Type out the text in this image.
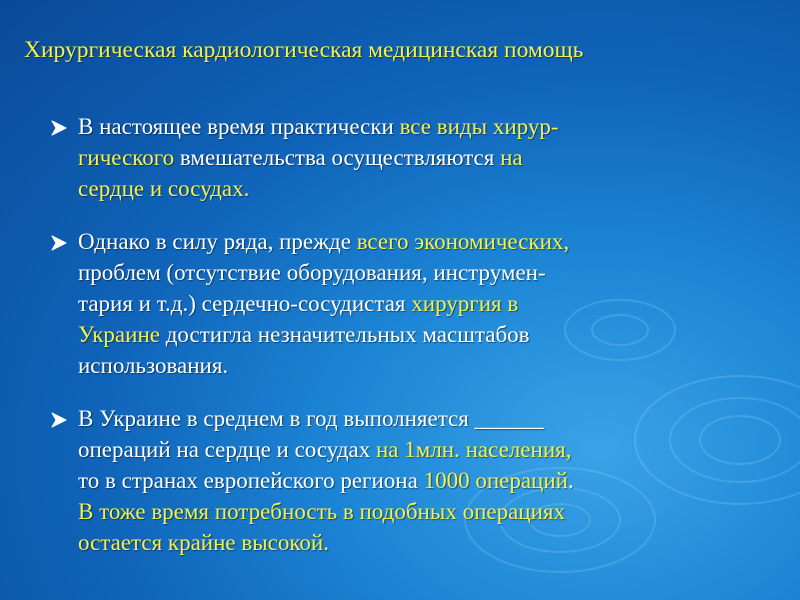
Хирургическая кардиологическая медицинская помощь
В настоящее время практически все виды хирур-
гического вмешательства осуществляются на
сердце и сосудах.
Однако в силу ряда, прежде всего экономических,
проблем (отсутствие оборудования, инструмен-
тария и т.д.) сердечно-сосудистая хирургия в
Украине достигла незначительных масштабов
использования.
В Украине в среднем в год выполняется ______
операций на сердце и сосудах на 1млн. населения,
то в странах европейского региона 1000 операций.
В тоже время потребность в подобных операциях
остается крайне высокой.
